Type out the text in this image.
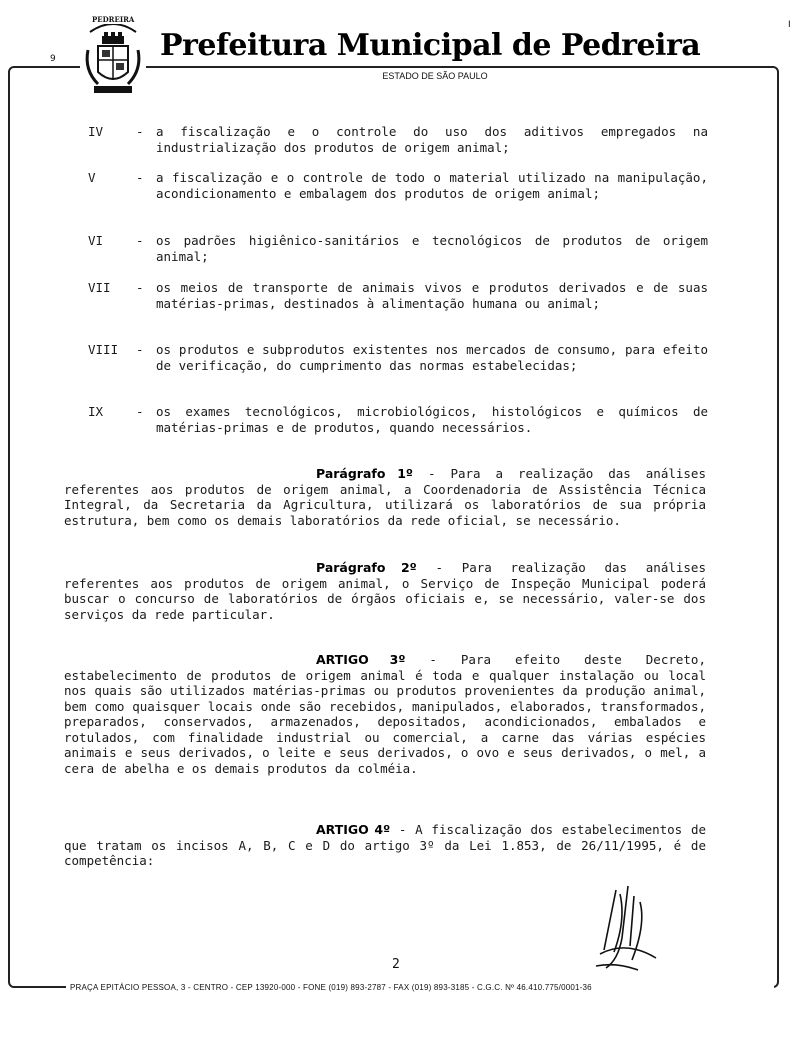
PEDREIRA
Prefeitura Municipal de Pedreira
ESTADO DE SÃO PAULO
9
I
IV	- a fiscalização e o controle do uso dos aditivos empregados na industrialização dos produtos de origem animal;
V	- a fiscalização e o controle de todo o material utilizado na manipulação, acondicionamento e embalagem dos produtos de origem animal;
VI	- os padrões higiênico-sanitários e tecnológicos de produtos de origem animal;
VII	- os meios de transporte de animais vivos e produtos derivados e de suas matérias-primas, destinados à alimentação humana ou animal;
VIII	- os produtos e subprodutos existentes nos mercados de consumo, para efeito de verificação, do cumprimento das normas estabelecidas;
IX	- os exames tecnológicos, microbiológicos, histológicos e químicos de matérias-primas e de produtos, quando necessários.
Parágrafo 1º - Para a realização das análises referentes aos produtos de origem animal, a Coordenadoria de Assistência Técnica Integral, da Secretaria da Agricultura, utilizará os laboratórios de sua própria estrutura, bem como os demais laboratórios da rede oficial, se necessário.
Parágrafo 2º - Para realização das análises referentes aos produtos de origem animal, o Serviço de Inspeção Municipal poderá buscar o concurso de laboratórios de órgãos oficiais e, se necessário, valer-se dos serviços da rede particular.
ARTIGO 3º - Para efeito deste Decreto, estabelecimento de produtos de origem animal é toda e qualquer instalação ou local nos quais são utilizados matérias-primas ou produtos provenientes da produção animal, bem como quaisquer locais onde são recebidos, manipulados, elaborados, transformados, preparados, conservados, armazenados, depositados, acondicionados, embalados e rotulados, com finalidade industrial ou comercial, a carne das várias espécies animais e seus derivados, o leite e seus derivados, o ovo e seus derivados, o mel, a cera de abelha e os demais produtos da colméia.
ARTIGO 4º - A fiscalização dos estabelecimentos de que tratam os incisos A, B, C e D do artigo 3º da Lei 1.853, de 26/11/1995, é de competência:
2
PRAÇA EPITÁCIO PESSOA, 3 - CENTRO - CEP 13920-000 - FONE (019) 893-2787 - FAX (019) 893-3185 - C.G.C. Nº 46.410.775/0001-36
